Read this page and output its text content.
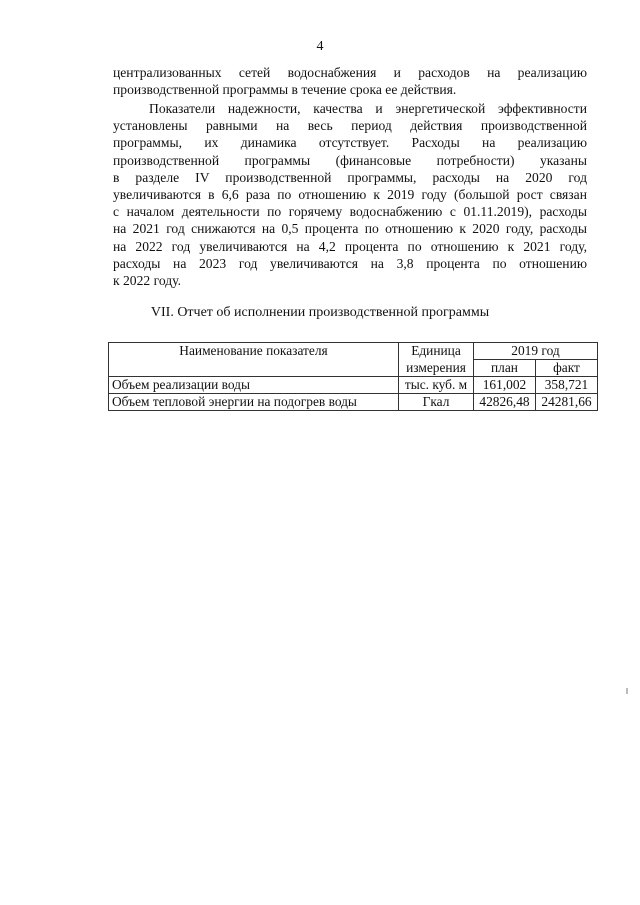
4

централизованных сетей водоснабжения и расходов на реализацию
производственной программы в течение срока ее действия.

Показатели надежности, качества и энергетической эффективности
установлены равными на весь период действия производственной
программы, их динамика отсутствует. Расходы на реализацию
производственной программы (финансовые потребности) указаны
в разделе IV производственной программы, расходы на 2020 год
увеличиваются в 6,6 раза по отношению к 2019 году (большой рост связан
с началом деятельности по горячему водоснабжению с 01.11.2019), расходы
на 2021 год снижаются на 0,5 процента по отношению к 2020 году, расходы
на 2022 год увеличиваются на 4,2 процента по отношению к 2021 году,
расходы на 2023 год увеличиваются на 3,8 процента по отношению
к 2022 году.

VII. Отчет об исполнении производственной программы
Наименование показателя	Единица	2019 год	
	измерения	план	факт
Объем реализации воды	тыс. куб. м	161,002	358,721
Объем тепловой энергии на подогрев воды	Гкал	42826,48	24281,66
